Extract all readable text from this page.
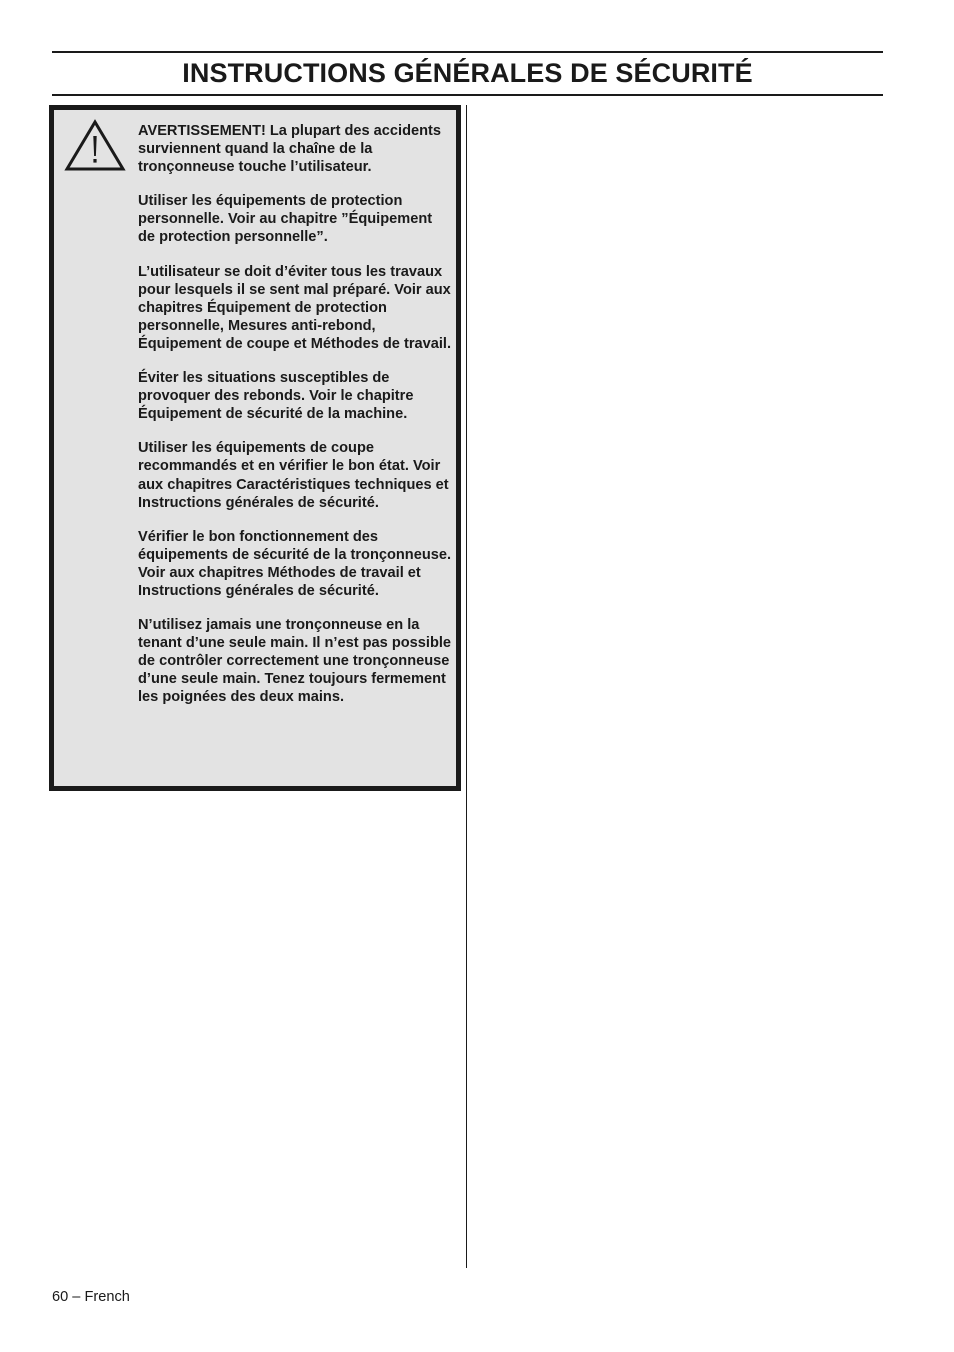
INSTRUCTIONS GÉNÉRALES DE SÉCURITÉ

AVERTISSEMENT! La plupart des accidents surviennent quand la chaîne de la tronçonneuse touche l’utilisateur.

Utiliser les équipements de protection personnelle. Voir au chapitre ”Équipement de protection personnelle”.

L’utilisateur se doit d’éviter tous les travaux pour lesquels il se sent mal préparé. Voir aux chapitres Équipement de protection personnelle, Mesures anti-rebond, Équipement de coupe et Méthodes de travail.

Éviter les situations susceptibles de provoquer des rebonds. Voir le chapitre Équipement de sécurité de la machine.

Utiliser les équipements de coupe recommandés et en vérifier le bon état. Voir aux chapitres Caractéristiques techniques et Instructions générales de sécurité.

Vérifier le bon fonctionnement des équipements de sécurité de la tronçonneuse. Voir aux chapitres Méthodes de travail et Instructions générales de sécurité.

N’utilisez jamais une tronçonneuse en la tenant d’une seule main. Il n’est pas possible de contrôler correctement une tronçonneuse d’une seule main. Tenez toujours fermement les poignées des deux mains.

60 – French
